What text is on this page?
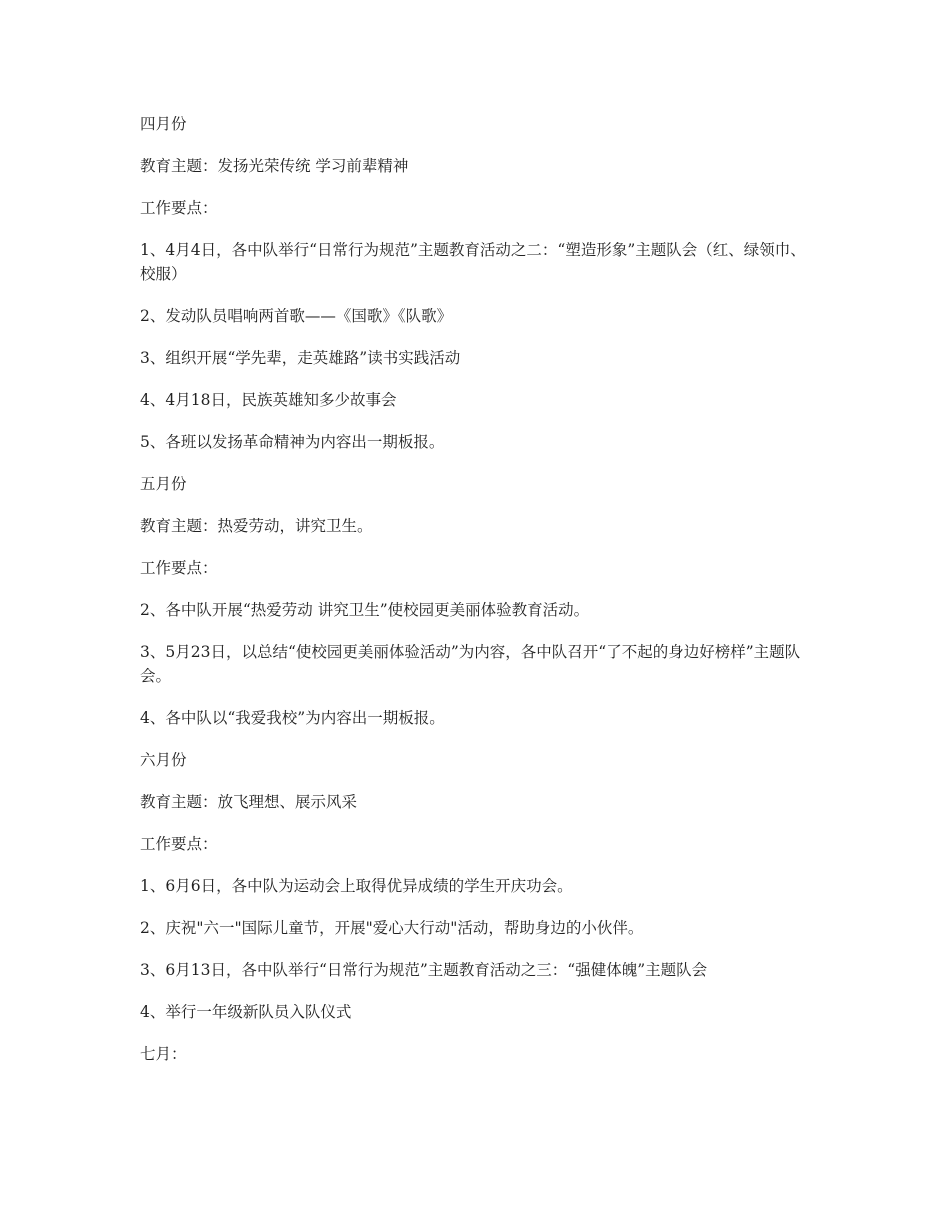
四月份

教育主题：发扬光荣传统 学习前辈精神

工作要点：

1、4月4日，各中队举行“日常行为规范”主题教育活动之二：“塑造形象”主题队会（红、绿领巾、校服）

2、发动队员唱响两首歌——《国歌》《队歌》

3、组织开展“学先辈，走英雄路”读书实践活动

4、4月18日，民族英雄知多少故事会

5、各班以发扬革命精神为内容出一期板报。

五月份

教育主题：热爱劳动，讲究卫生。

工作要点：

2、各中队开展“热爱劳动 讲究卫生”使校园更美丽体验教育活动。

3、5月23日，以总结“使校园更美丽体验活动”为内容，各中队召开“了不起的身边好榜样”主题队会。

4、各中队以“我爱我校”为内容出一期板报。

六月份

教育主题：放飞理想、展示风采

工作要点：

1、6月6日，各中队为运动会上取得优异成绩的学生开庆功会。

2、庆祝"六一"国际儿童节，开展"爱心大行动"活动，帮助身边的小伙伴。

3、6月13日，各中队举行“日常行为规范”主题教育活动之三：“强健体魄”主题队会

4、举行一年级新队员入队仪式

七月：
